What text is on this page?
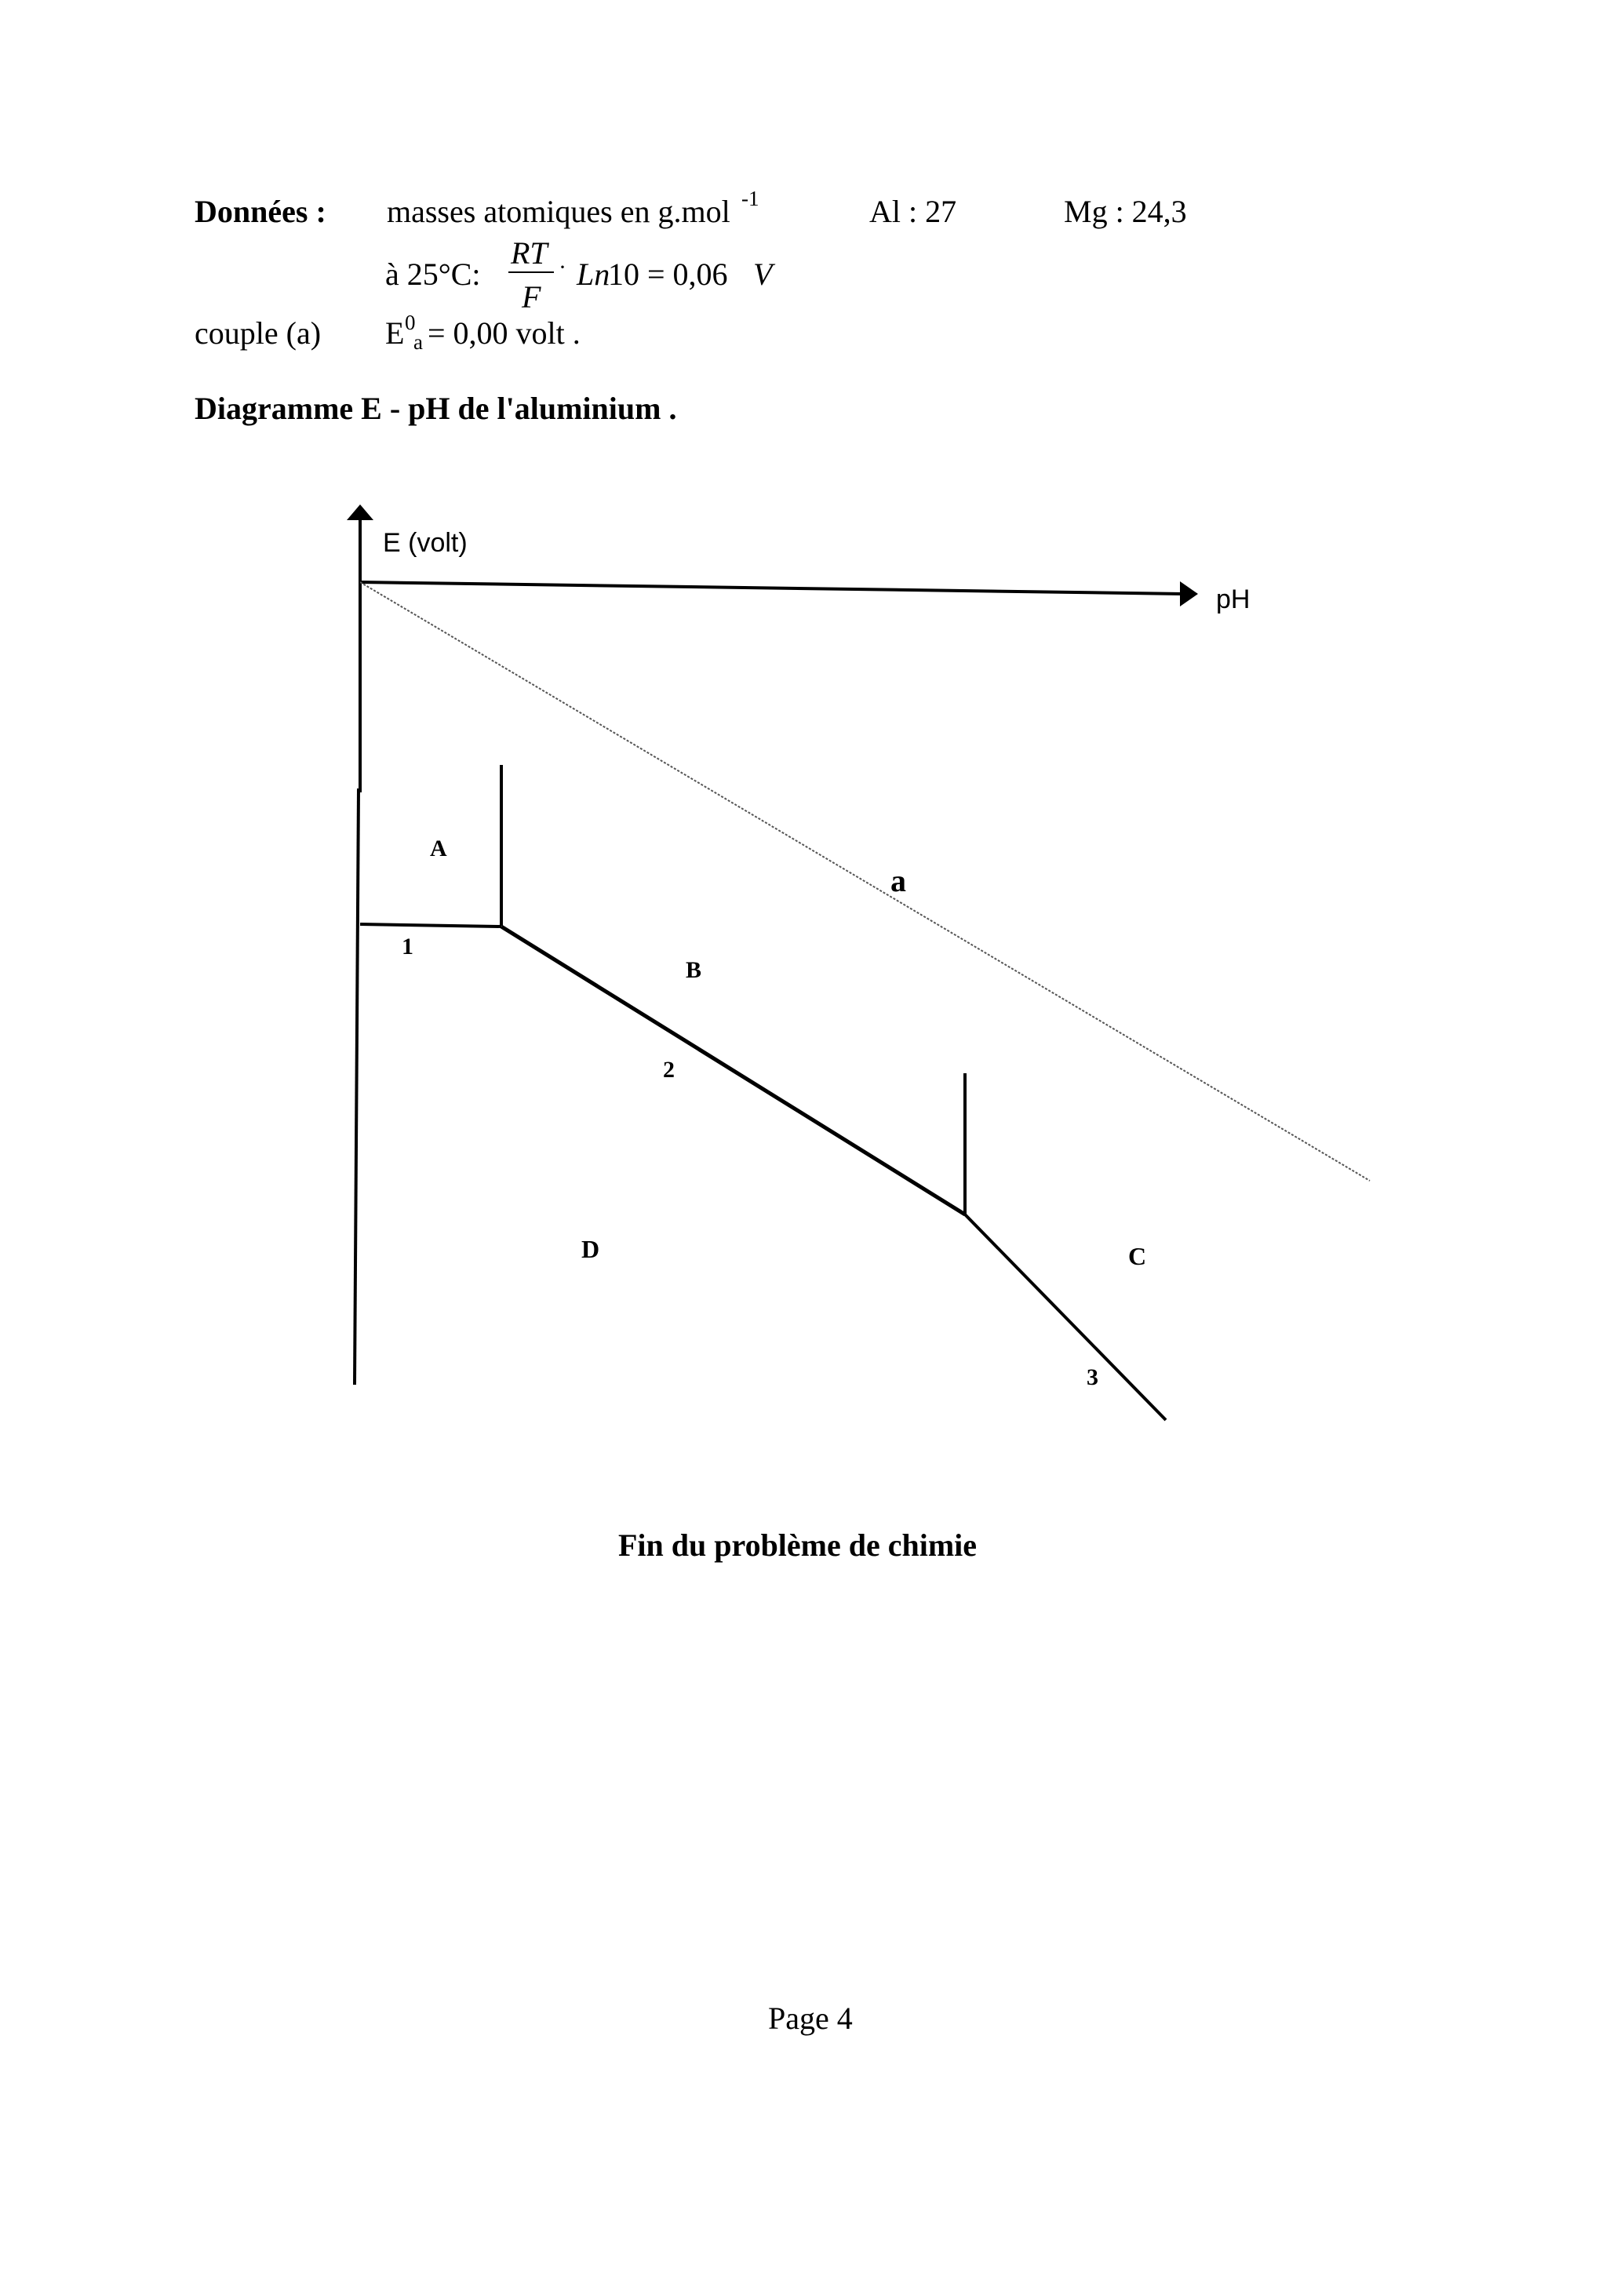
Données : masses atomiques en g.mol -1	Al : 27	Mg : 24,3
à 25°C:
RT
F
· Ln
10 = 0,06 V
couple (a) E 0
a = 0,00 volt .
Diagramme E - pH de l'aluminium .
E (volt)
pH
a
1
2
3
A
B
C
D
Fin du problème de chimie
Page 4
